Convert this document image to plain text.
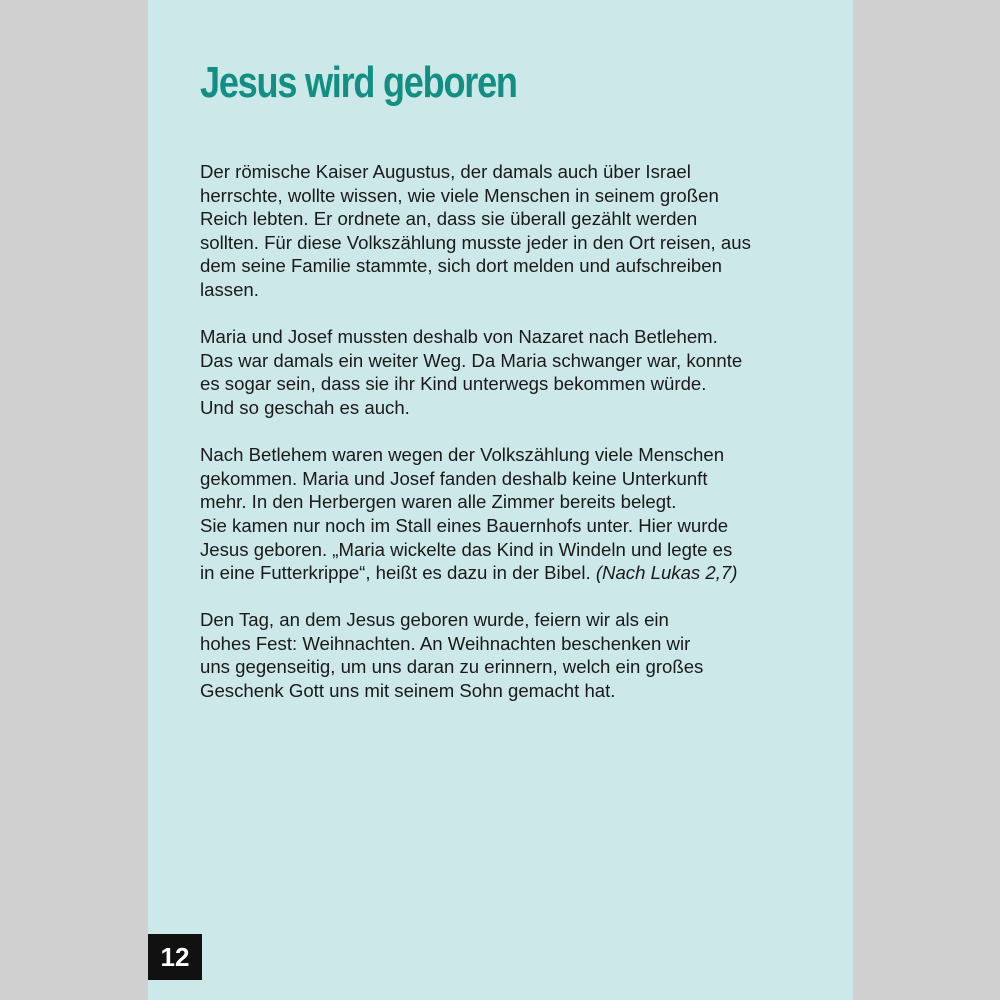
Jesus wird geboren

Der römische Kaiser Augustus, der damals auch über Israel
herrschte, wollte wissen, wie viele Menschen in seinem großen
Reich lebten. Er ordnete an, dass sie überall gezählt werden
sollten. Für diese Volkszählung musste jeder in den Ort reisen, aus
dem seine Familie stammte, sich dort melden und aufschreiben
lassen.

Maria und Josef mussten deshalb von Nazaret nach Betlehem.
Das war damals ein weiter Weg. Da Maria schwanger war, konnte
es sogar sein, dass sie ihr Kind unterwegs bekommen würde.
Und so geschah es auch.

Nach Betlehem waren wegen der Volkszählung viele Menschen
gekommen. Maria und Josef fanden deshalb keine Unterkunft
mehr. In den Herbergen waren alle Zimmer bereits belegt.
Sie kamen nur noch im Stall eines Bauernhofs unter. Hier wurde
Jesus geboren. „Maria wickelte das Kind in Windeln und legte es
in eine Futterkrippe“, heißt es dazu in der Bibel. (Nach Lukas 2,7)

Den Tag, an dem Jesus geboren wurde, feiern wir als ein
hohes Fest: Weihnachten. An Weihnachten beschenken wir
uns gegenseitig, um uns daran zu erinnern, welch ein großes
Geschenk Gott uns mit seinem Sohn gemacht hat.

12
